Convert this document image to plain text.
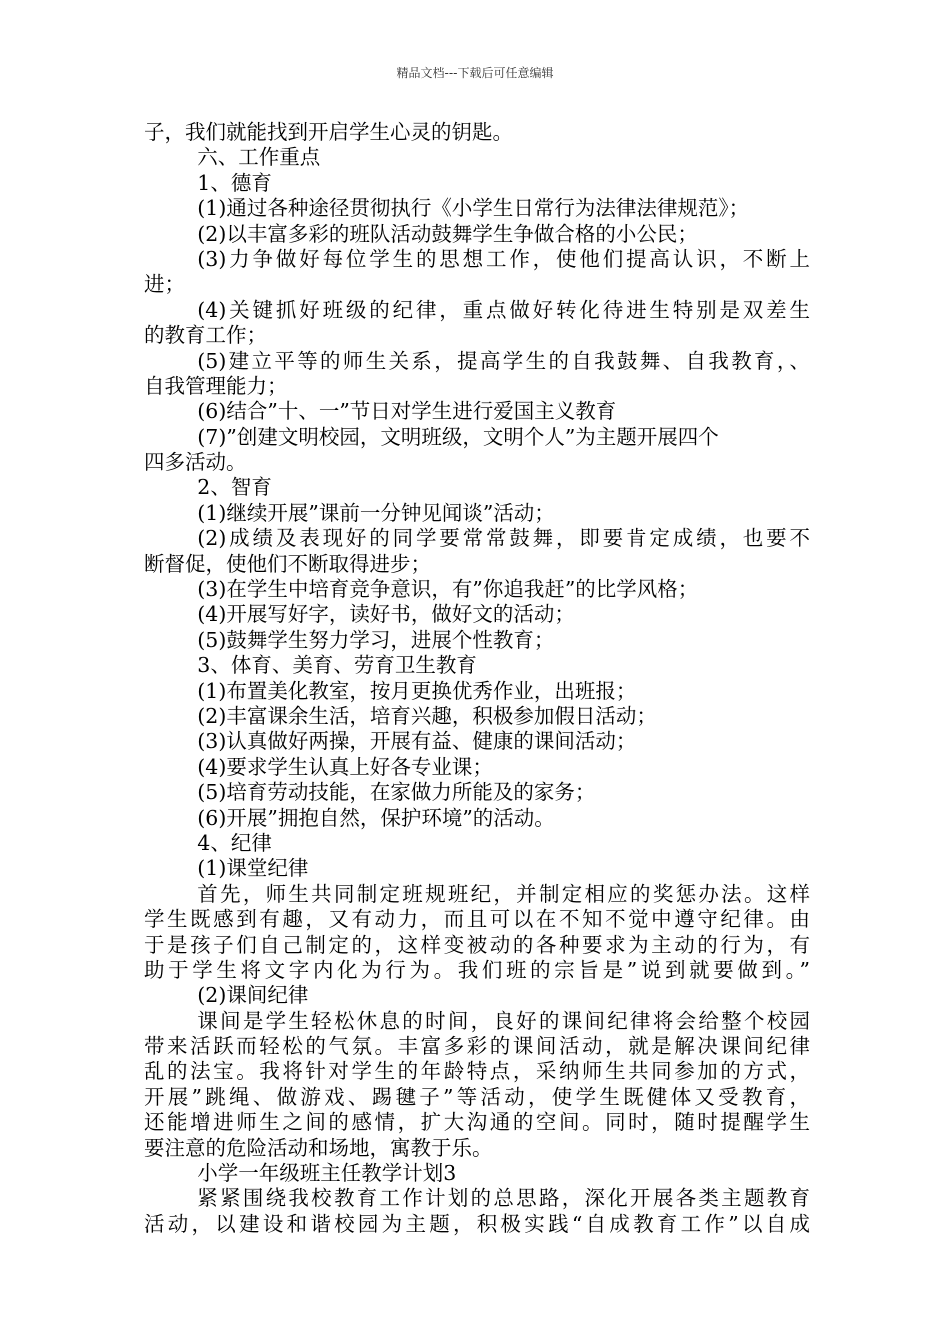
精品文档---下载后可任意编辑
子，我们就能找到开启学生心灵的钥匙。
六、工作重点
1、德育
(1)通过各种途径贯彻执行《小学生日常行为法律法律规范》；
(2)以丰富多彩的班队活动鼓舞学生争做合格的小公民；
(3)力争做好每位学生的思想工作，使他们提高认识，不断上
进；
(4)关键抓好班级的纪律，重点做好转化待进生特别是双差生
的教育工作；
(5)建立平等的师生关系，提高学生的自我鼓舞、自我教育，、
自我管理能力；
(6)结合”十、一”节日对学生进行爱国主义教育
(7)”创建文明校园，文明班级，文明个人”为主题开展四个
四多活动。
2、智育
(1)继续开展”课前一分钟见闻谈”活动；
(2)成绩及表现好的同学要常常鼓舞，即要肯定成绩，也要不
断督促，使他们不断取得进步；
(3)在学生中培育竞争意识，有”你追我赶”的比学风格；
(4)开展写好字，读好书，做好文的活动；
(5)鼓舞学生努力学习，进展个性教育；
3、体育、美育、劳育卫生教育
(1)布置美化教室，按月更换优秀作业，出班报；
(2)丰富课余生活，培育兴趣，积极参加假日活动；
(3)认真做好两操，开展有益、健康的课间活动；
(4)要求学生认真上好各专业课；
(5)培育劳动技能，在家做力所能及的家务；
(6)开展”拥抱自然，保护环境”的活动。
4、纪律
(1)课堂纪律
首先，师生共同制定班规班纪，并制定相应的奖惩办法。这样
学生既感到有趣，又有动力，而且可以在不知不觉中遵守纪律。由
于是孩子们自己制定的，这样变被动的各种要求为主动的行为，有
助于学生将文字内化为行为。我们班的宗旨是”说到就要做到。”
(2)课间纪律
课间是学生轻松休息的时间，良好的课间纪律将会给整个校园
带来活跃而轻松的气氛。丰富多彩的课间活动，就是解决课间纪律
乱的法宝。我将针对学生的年龄特点，采纳师生共同参加的方式，
开展”跳绳、做游戏、踢毽子”等活动，使学生既健体又受教育，
还能增进师生之间的感情，扩大沟通的空间。同时，随时提醒学生
要注意的危险活动和场地，寓教于乐。
小学一年级班主任教学计划3
紧紧围绕我校教育工作计划的总思路，深化开展各类主题教育
活动，以建设和谐校园为主题，积极实践“自成教育工作”以自成
